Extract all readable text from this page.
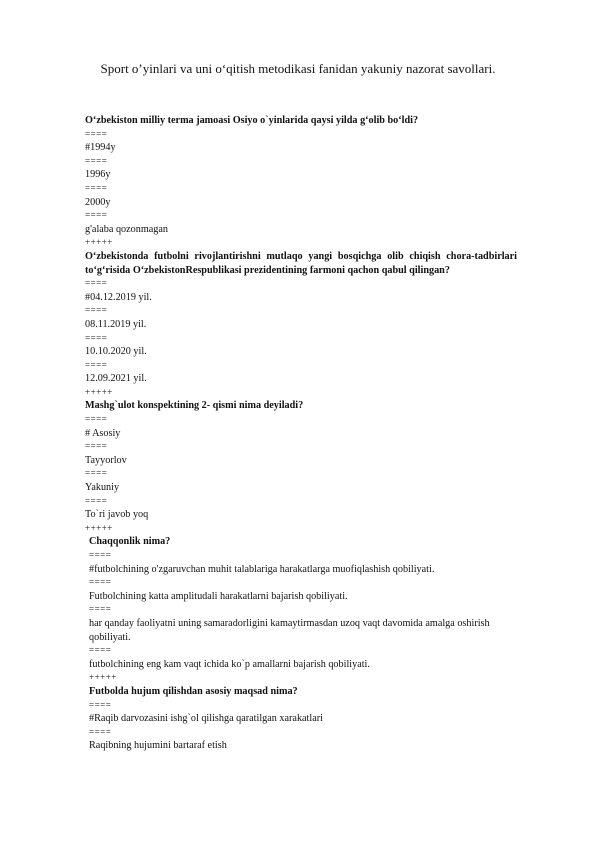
Sport o’yinlari va uni o‘qitish metodikasi fanidan yakuniy nazorat savollari.
O‘zbekiston milliy terma jamoasi Osiyo o`yinlarida qaysi yilda g‘olib bo‘ldi?
====
#1994y
====
1996y
====
2000y
====
g'alaba qozonmagan
+++++
O‘zbekistonda futbolni rivojlantirishni mutlaqo yangi bosqichga olib chiqish chora-tadbirlari to‘g‘risida O‘zbekistonRespublikasi prezidentining farmoni qachon qabul qilingan?
====
#04.12.2019 yil.
====
08.11.2019 yil.
====
10.10.2020 yil.
====
12.09.2021 yil.
+++++
Mashg`ulot konspektining 2- qismi nima deyiladi?
====
# Asosiy
====
Tayyorlov
====
Yakuniy
====
To`ri javob yoq
+++++
Chaqqonlik nima?
====
#futbolchining o'zgaruvchan muhit talablariga harakatlarga muofiqlashish qobiliyati.
====
Futbolchining katta amplitudali harakatlarni bajarish qobiliyati.
====
har qanday faoliyatni uning samaradorligini kamaytirmasdan uzoq vaqt davomida amalga oshirish qobiliyati.
====
futbolchining eng kam vaqt ichida ko`p amallarni bajarish qobiliyati.
+++++
Futbolda hujum qilishdan asosiy maqsad nima?
====
#Raqib darvozasini ishg`ol qilishga qaratilgan xarakatlari
====
Raqibning hujumini bartaraf etish
